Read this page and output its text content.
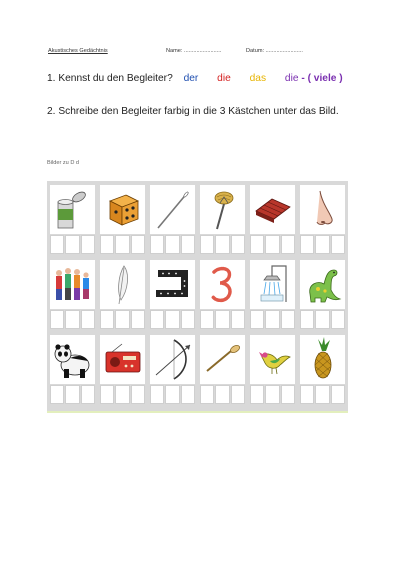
Akustisches Gedächtnis	Name: ........................	Datum: ........................
1. Kennst du den Begleiter? der die das die - ( viele )
2. Schreibe den Begleiter farbig in die 3 Kästchen unter das Bild.
Bilder zu D d
